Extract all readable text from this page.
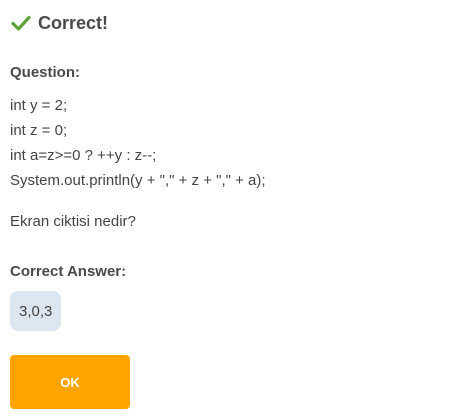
Correct!
Question:
int y = 2;
int z = 0;
int a=z>=0 ? ++y : z--;
System.out.println(y + "," + z + "," + a);
Ekran ciktisi nedir?
Correct Answer:
3,0,3
OK
